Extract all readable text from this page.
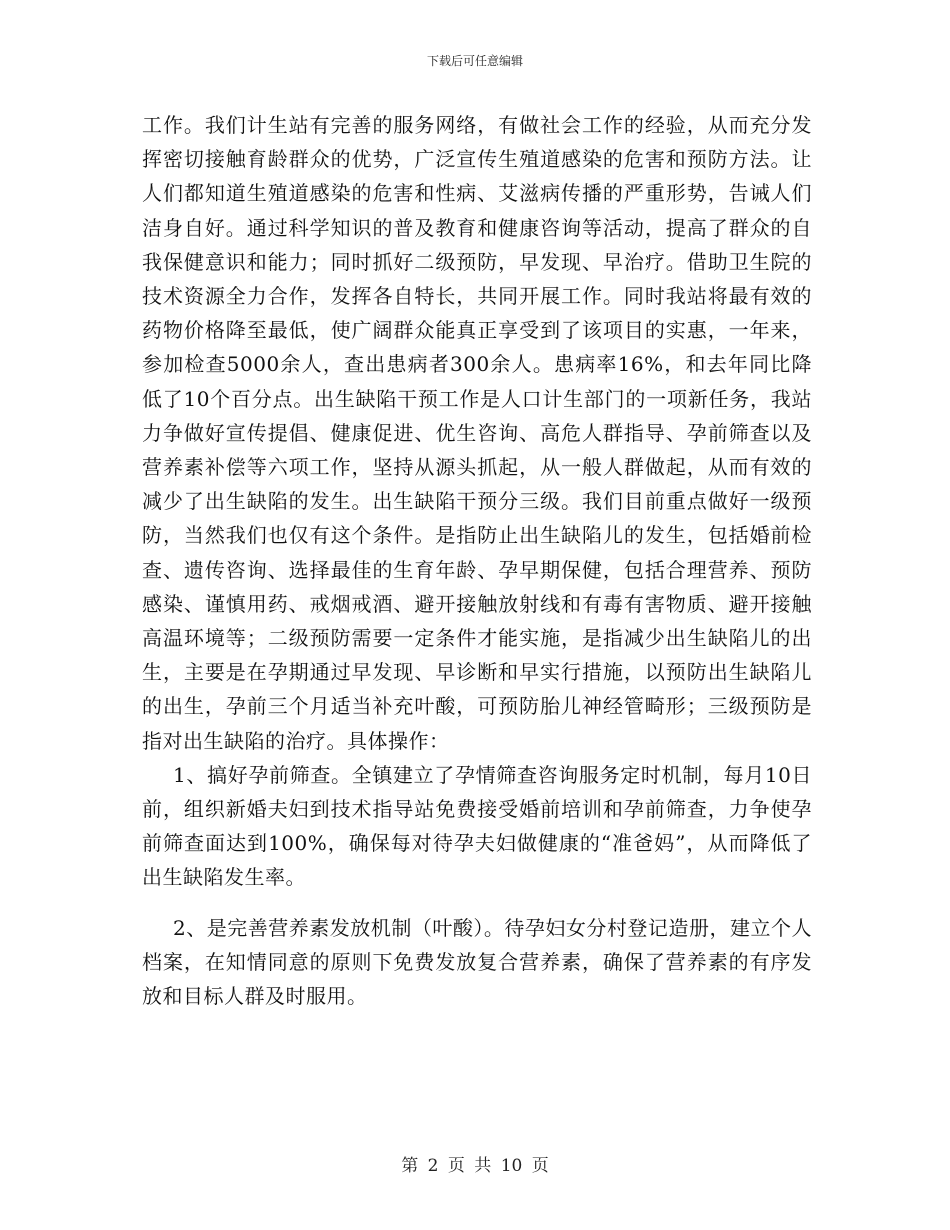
下载后可任意编辑

工作。我们计生站有完善的服务网络，有做社会工作的经验，从而充分发挥密切接触育龄群众的优势，广泛宣传生殖道感染的危害和预防方法。让人们都知道生殖道感染的危害和性病、艾滋病传播的严重形势，告诫人们洁身自好。通过科学知识的普及教育和健康咨询等活动，提高了群众的自我保健意识和能力；同时抓好二级预防，早发现、早治疗。借助卫生院的技术资源全力合作，发挥各自特长，共同开展工作。同时我站将最有效的药物价格降至最低，使广阔群众能真正享受到了该项目的实惠，一年来，参加检查5000余人，查出患病者300余人。患病率16%，和去年同比降低了10个百分点。出生缺陷干预工作是人口计生部门的一项新任务，我站力争做好宣传提倡、健康促进、优生咨询、高危人群指导、孕前筛查以及营养素补偿等六项工作，坚持从源头抓起，从一般人群做起，从而有效的减少了出生缺陷的发生。出生缺陷干预分三级。我们目前重点做好一级预防，当然我们也仅有这个条件。是指防止出生缺陷儿的发生，包括婚前检查、遗传咨询、选择最佳的生育年龄、孕早期保健，包括合理营养、预防感染、谨慎用药、戒烟戒酒、避开接触放射线和有毒有害物质、避开接触高温环境等；二级预防需要一定条件才能实施，是指减少出生缺陷儿的出生，主要是在孕期通过早发现、早诊断和早实行措施，以预防出生缺陷儿的出生，孕前三个月适当补充叶酸，可预防胎儿神经管畸形；三级预防是指对出生缺陷的治疗。具体操作：

1、搞好孕前筛查。全镇建立了孕情筛查咨询服务定时机制，每月10日前，组织新婚夫妇到技术指导站免费接受婚前培训和孕前筛查，力争使孕前筛查面达到100%，确保每对待孕夫妇做健康的“准爸妈”，从而降低了出生缺陷发生率。

2、是完善营养素发放机制（叶酸）。待孕妇女分村登记造册，建立个人档案，在知情同意的原则下免费发放复合营养素，确保了营养素的有序发放和目标人群及时服用。

第 2 页 共 10 页
